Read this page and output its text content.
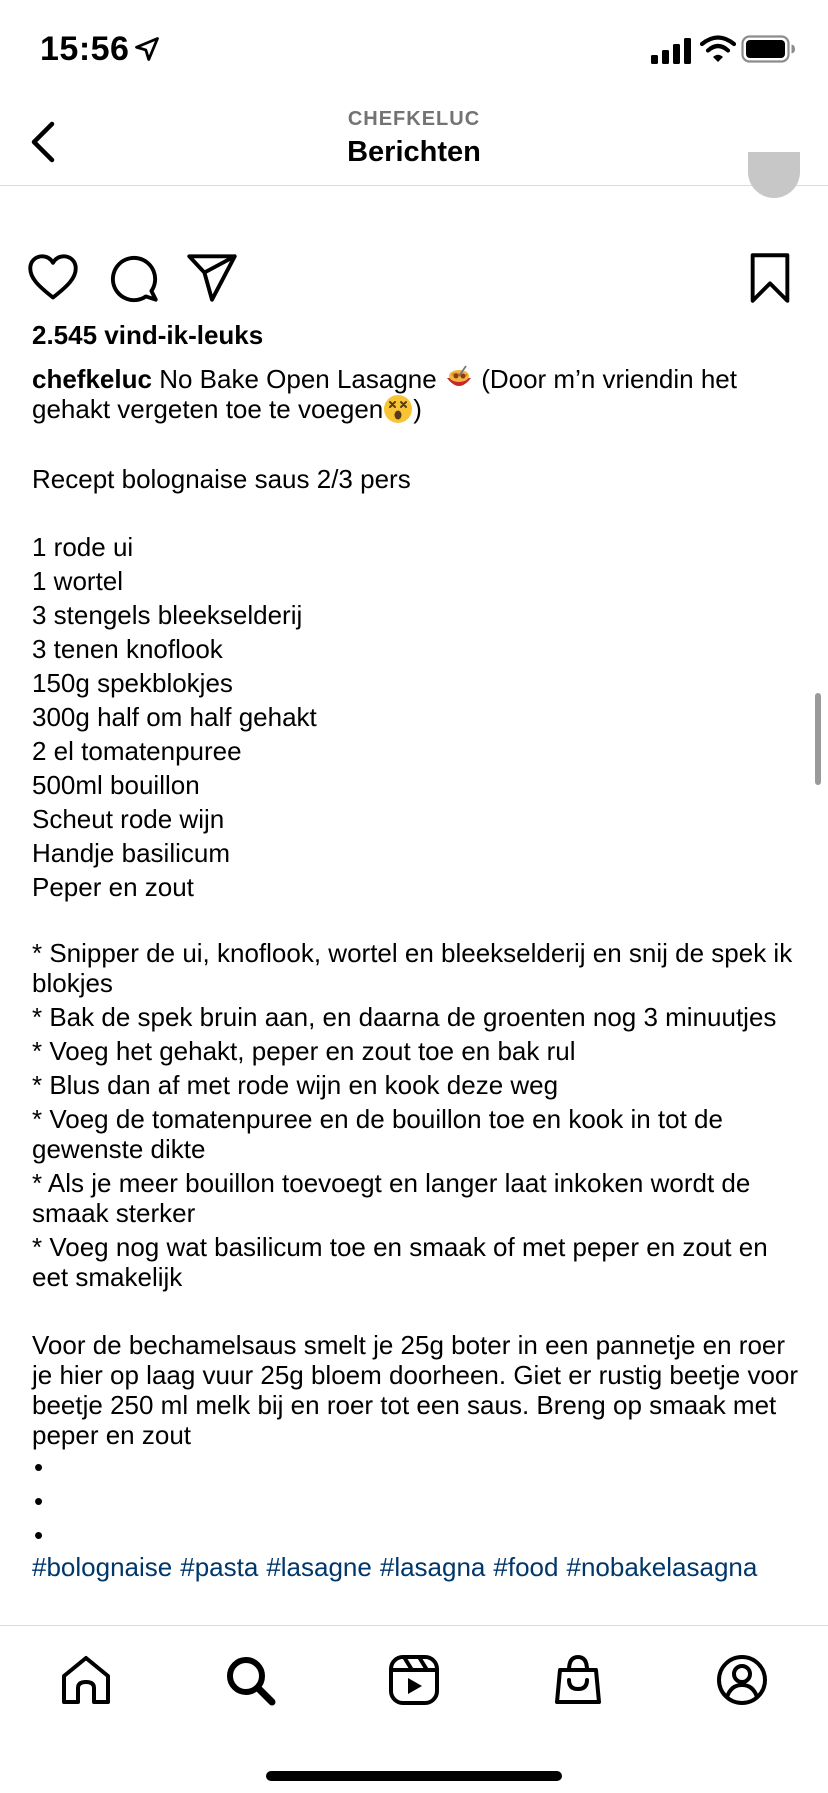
15:56
CHEFKELUC
Berichten
2.545 vind-ik-leuks
chefkeluc No Bake Open Lasagne  (Door m’n vriendin het
gehakt vergeten toe te voegen )
Recept bolognaise saus 2/3 pers
1 rode ui
1 wortel
3 stengels bleekselderij
3 tenen knoflook
150g spekblokjes
300g half om half gehakt
2 el tomatenpuree
500ml bouillon
Scheut rode wijn
Handje basilicum
Peper en zout
* Snipper de ui, knoflook, wortel en bleekselderij en snij de spek ik blokjes
* Bak de spek bruin aan, en daarna de groenten nog 3 minuutjes
* Voeg het gehakt, peper en zout toe en bak rul
* Blus dan af met rode wijn en kook deze weg
* Voeg de tomatenpuree en de bouillon toe en kook in tot de gewenste dikte
* Als je meer bouillon toevoegt en langer laat inkoken wordt de smaak sterker
* Voeg nog wat basilicum toe en smaak of met peper en zout en eet smakelijk
Voor de bechamelsaus smelt je 25g boter in een pannetje en roer je hier op laag vuur 25g bloem doorheen. Giet er rustig beetje voor beetje 250 ml melk bij en roer tot een saus. Breng op smaak met peper en zout
•
•
•
#bolognaise #pasta #lasagne #lasagna #food #nobakelasagna
